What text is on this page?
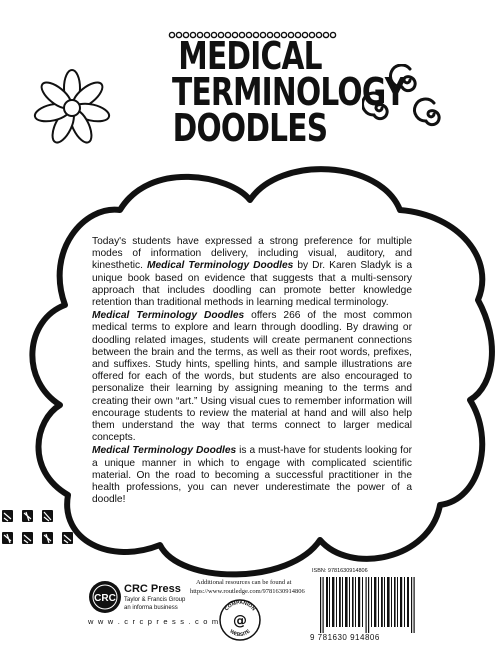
MEDICAL
TERMINOLOGY
DOODLES

Today's students have expressed a strong preference for multiple modes of information delivery, including visual, auditory, and kinesthetic. Medical Terminology Doodles by Dr. Karen Sladyk is a unique book based on evidence that suggests that a multi-sensory approach that includes doodling can promote better knowledge retention than traditional methods in learning medical terminology.

Medical Terminology Doodles offers 266 of the most common medical terms to explore and learn through doodling. By drawing or doodling related images, students will create permanent connections between the brain and the terms, as well as their root words, prefixes, and suffixes. Study hints, spelling hints, and sample illustrations are offered for each of the words, but students are also encouraged to personalize their learning by assigning meaning to the terms and creating their own “art.” Using visual cues to remember information will encourage students to review the material at hand and will also help them understand the way that terms connect to larger medical concepts.

Medical Terminology Doodles is a must-have for students looking for a unique manner in which to engage with complicated scientific material. On the road to becoming a successful practitioner in the health professions, you can never underestimate the power of a doodle!

CRC
CRC Press
Taylor & Francis Group
an informa business
w w w . c r c p r e s s . c o m
Additional resources can be found at
https://www.routledge.com/9781630914806
COMPANION
WEBSITE
@
ISBN: 9781630914806
9 781630 914806
